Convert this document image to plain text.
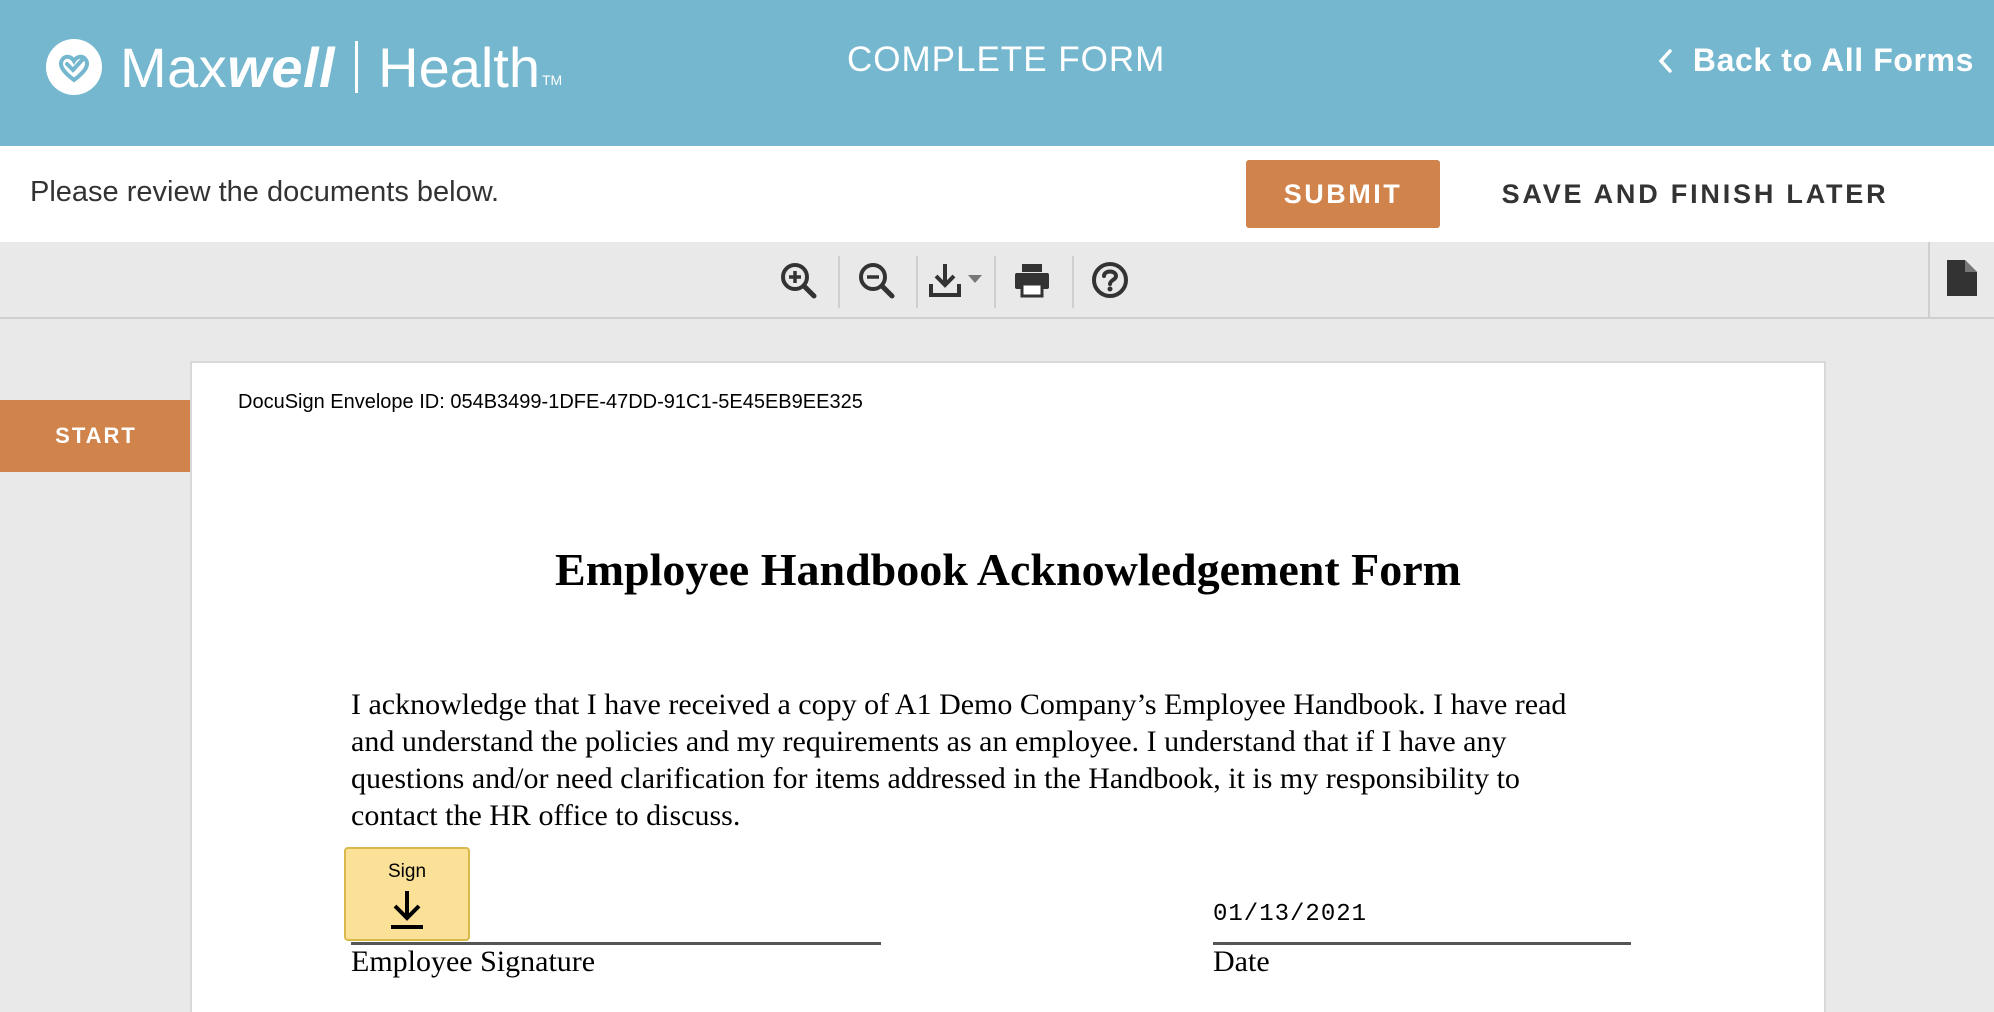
Maxwell Health TM
COMPLETE FORM	Back to All Forms
Please review the documents below.	SUBMIT	SAVE AND FINISH LATER
START
DocuSign Envelope ID: 054B3499-1DFE-47DD-91C1-5E45EB9EE325
Employee Handbook Acknowledgement Form
I acknowledge that I have received a copy of A1 Demo Company’s Employee Handbook. I have read
and understand the policies and my requirements as an employee. I understand that if I have any
questions and/or need clarification for items addressed in the Handbook, it is my responsibility to
contact the HR office to discuss.
Sign
Employee Signature
01/13/2021
Date
